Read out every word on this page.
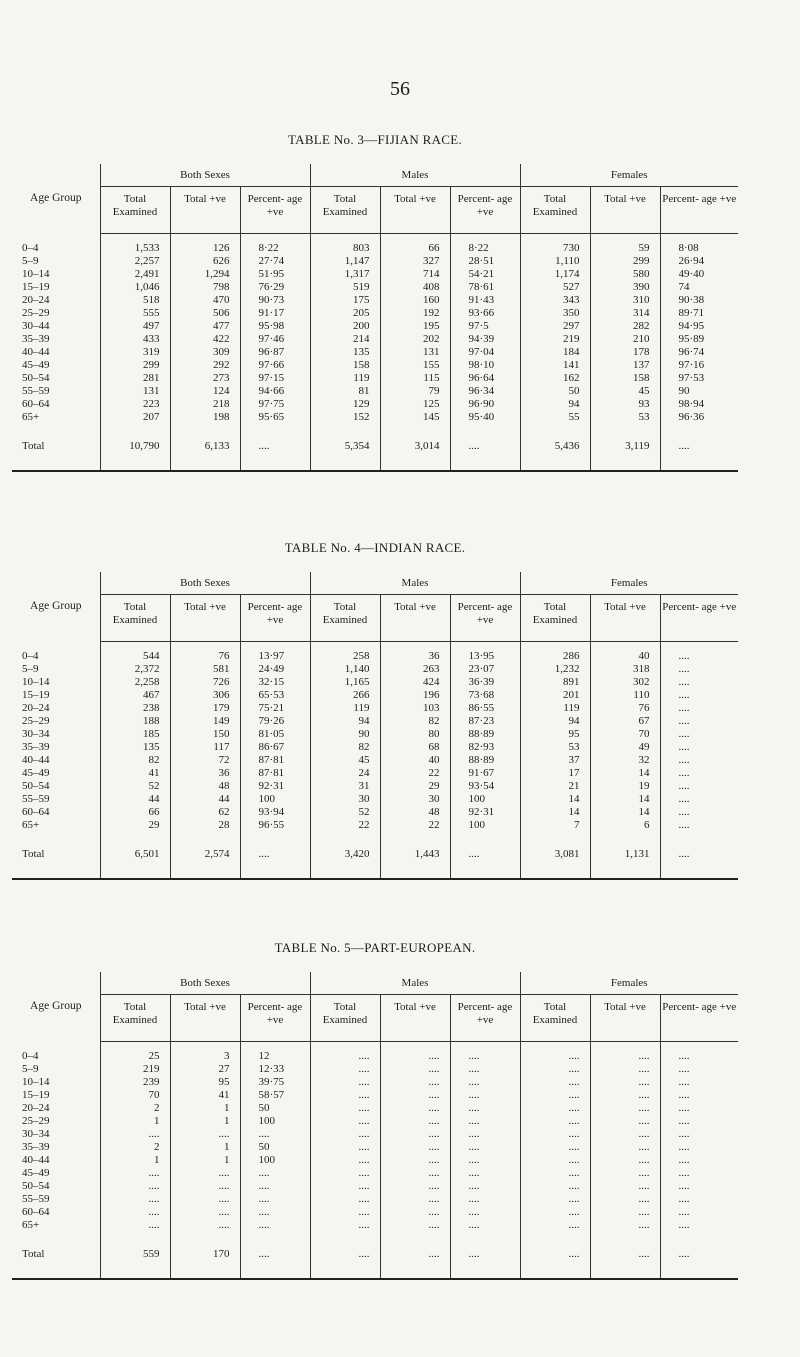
56
TABLE No. 3—FIJIAN RACE.
Age Group	Both Sexes			Males			Females		
	Total Examined	Total +ve	Percent- age +ve	Total Examined	Total +ve	Percent- age +ve	Total Examined	Total +ve	Percent- age +ve
0–4	1,533	126	8·22	803	66	8·22	730	59	8·08
5–9	2,257	626	27·74	1,147	327	28·51	1,110	299	26·94
10–14	2,491	1,294	51·95	1,317	714	54·21	1,174	580	49·40
15–19	1,046	798	76·29	519	408	78·61	527	390	74
20–24	518	470	90·73	175	160	91·43	343	310	90·38
25–29	555	506	91·17	205	192	93·66	350	314	89·71
30–44	497	477	95·98	200	195	97·5	297	282	94·95
35–39	433	422	97·46	214	202	94·39	219	210	95·89
40–44	319	309	96·87	135	131	97·04	184	178	96·74
45–49	299	292	97·66	158	155	98·10	141	137	97·16
50–54	281	273	97·15	119	115	96·64	162	158	97·53
55–59	131	124	94·66	81	79	96·34	50	45	90
60–64	223	218	97·75	129	125	96·90	94	93	98·94
65+	207	198	95·65	152	145	95·40	55	53	96·36
Total	10,790	6,133	....	5,354	3,014	....	5,436	3,119	....
TABLE No. 4—INDIAN RACE.
Age Group	Both Sexes			Males			Females		
	Total Examined	Total +ve	Percent- age +ve	Total Examined	Total +ve	Percent- age +ve	Total Examined	Total +ve	Percent- age +ve
0–4	544	76	13·97	258	36	13·95	286	40	....
5–9	2,372	581	24·49	1,140	263	23·07	1,232	318	....
10–14	2,258	726	32·15	1,165	424	36·39	891	302	....
15–19	467	306	65·53	266	196	73·68	201	110	....
20–24	238	179	75·21	119	103	86·55	119	76	....
25–29	188	149	79·26	94	82	87·23	94	67	....
30–34	185	150	81·05	90	80	88·89	95	70	....
35–39	135	117	86·67	82	68	82·93	53	49	....
40–44	82	72	87·81	45	40	88·89	37	32	....
45–49	41	36	87·81	24	22	91·67	17	14	....
50–54	52	48	92·31	31	29	93·54	21	19	....
55–59	44	44	100	30	30	100	14	14	....
60–64	66	62	93·94	52	48	92·31	14	14	....
65+	29	28	96·55	22	22	100	7	6	....
Total	6,501	2,574	....	3,420	1,443	....	3,081	1,131	....
TABLE No. 5—PART-EUROPEAN.
Age Group	Both Sexes			Males			Females		
	Total Examined	Total +ve	Percent- age +ve	Total Examined	Total +ve	Percent- age +ve	Total Examined	Total +ve	Percent- age +ve
0–4	25	3	12	....	....	....	....	....	....
5–9	219	27	12·33	....	....	....	....	....	....
10–14	239	95	39·75	....	....	....	....	....	....
15–19	70	41	58·57	....	....	....	....	....	....
20–24	2	1	50	....	....	....	....	....	....
25–29	1	1	100	....	....	....	....	....	....
30–34	....	....	....	....	....	....	....	....	....
35–39	2	1	50	....	....	....	....	....	....
40–44	1	1	100	....	....	....	....	....	....
45–49	....	....	....	....	....	....	....	....	....
50–54	....	....	....	....	....	....	....	....	....
55–59	....	....	....	....	....	....	....	....	....
60–64	....	....	....	....	....	....	....	....	....
65+	....	....	....	....	....	....	....	....	....
Total	559	170	....	....	....	....	....	....	....
